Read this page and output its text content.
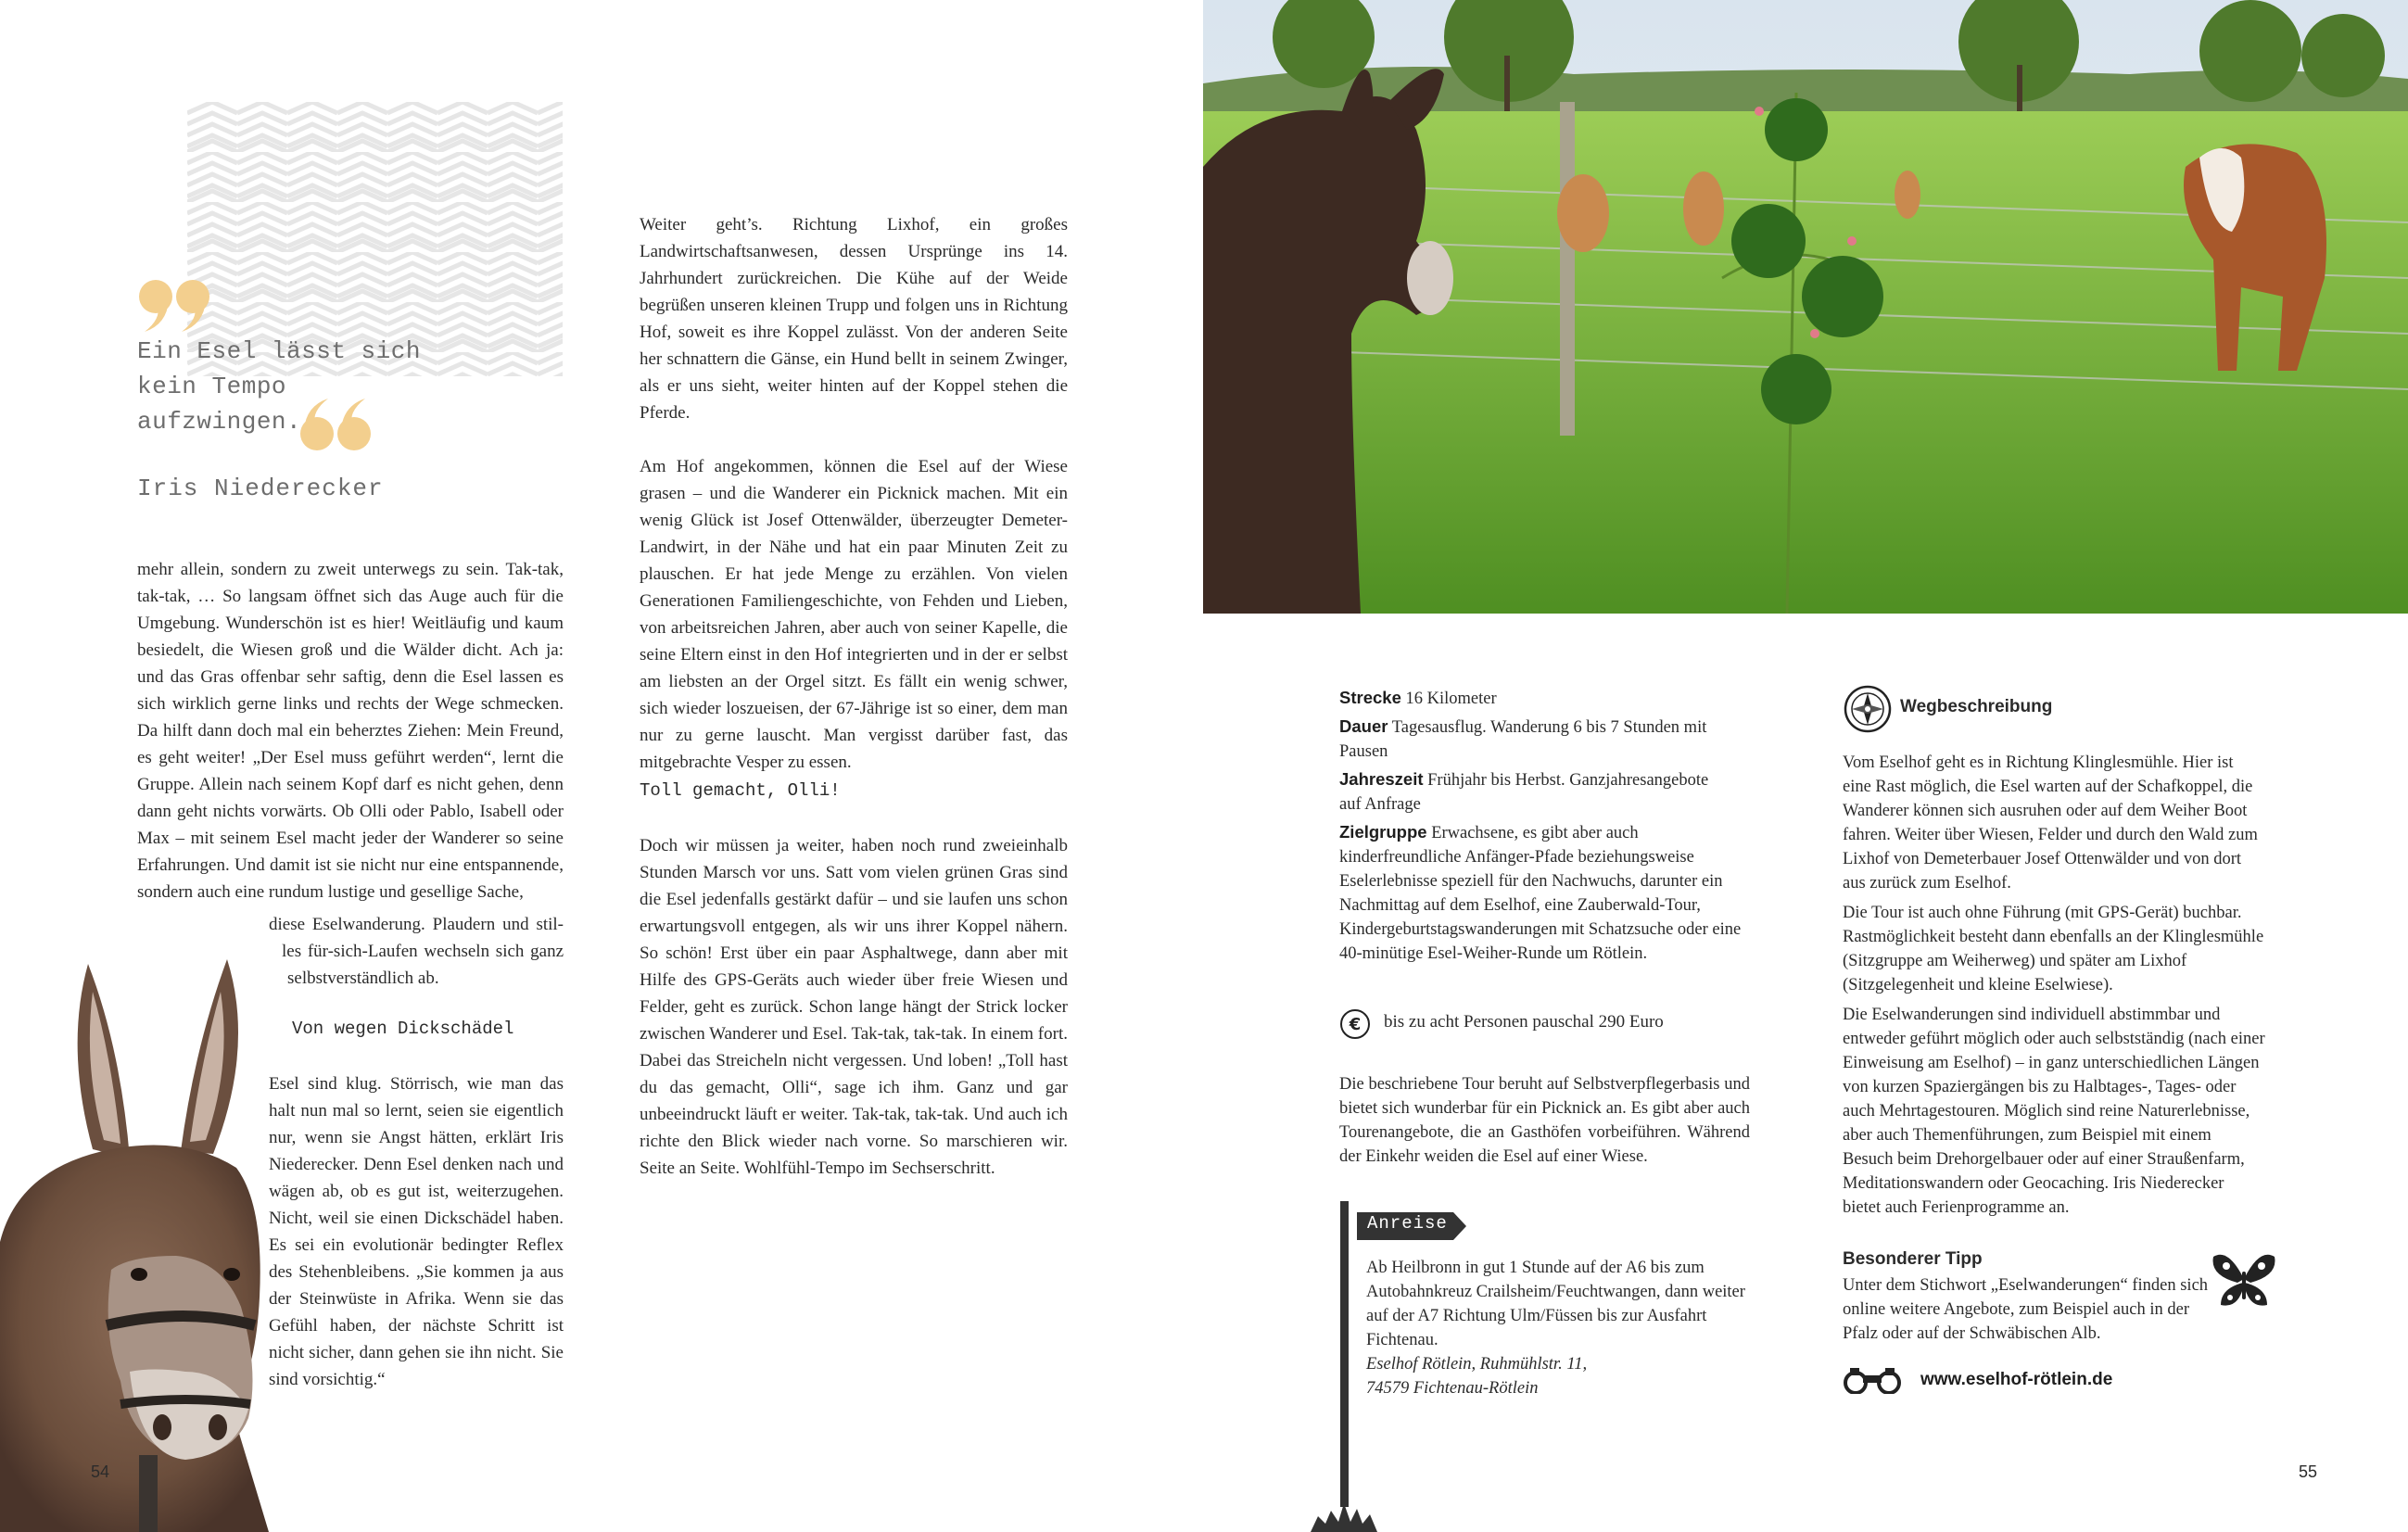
Ein Esel lässt sich
kein Tempo
aufzwingen.
Iris Niederecker

mehr allein, sondern zu zweit unterwegs zu sein. Tak-tak, tak-tak, … So langsam öffnet sich das Auge auch für die Umgebung. Wunderschön ist es hier! Weitläufig und kaum besiedelt, die Wiesen groß und die Wälder dicht. Ach ja: und das Gras offenbar sehr saftig, denn die Esel lassen es sich wirklich gerne links und rechts der Wege schmecken. Da hilft dann doch mal ein beherztes Ziehen: Mein Freund, es geht weiter! „Der Esel muss geführt werden“, lernt die Gruppe. Allein nach seinem Kopf darf es nicht gehen, denn dann geht nichts vorwärts. Ob Olli oder Pablo, Isabell oder Max – mit seinem Esel macht jeder der Wanderer so seine Erfahrungen. Und damit ist sie nicht nur eine entspannende, sondern auch eine rundum lustige und gesellige Sache,

diese Eselwanderung. Plaudern und stil-
les für-sich-Laufen wechseln sich ganz
selbstverständlich ab.
Von wegen Dickschädel

Esel sind klug. Störrisch, wie man das halt nun mal so lernt, seien sie eigentlich nur, wenn sie Angst hätten, erklärt Iris Niederecker. Denn Esel denken nach und wägen ab, ob es gut ist, weiterzugehen. Nicht, weil sie einen Dickschädel haben. Es sei ein evolutionär bedingter Reflex des Stehenbleibens. „Sie kommen ja aus der Steinwüste in Afrika. Wenn sie das Gefühl haben, der nächste Schritt ist nicht sicher, dann gehen sie ihn nicht. Sie sind vorsichtig.“

Weiter geht’s. Richtung Lixhof, ein großes Landwirtschaftsanwesen, dessen Ursprünge ins 14. Jahrhundert zurückreichen. Die Kühe auf der Weide begrüßen unseren kleinen Trupp und folgen uns in Richtung Hof, soweit es ihre Koppel zulässt. Von der anderen Seite her schnattern die Gänse, ein Hund bellt in seinem Zwinger, als er uns sieht, weiter hinten auf der Koppel stehen die Pferde.

Am Hof angekommen, können die Esel auf der Wiese grasen – und die Wanderer ein Picknick machen. Mit ein wenig Glück ist Josef Ottenwälder, überzeugter Demeter-Landwirt, in der Nähe und hat ein paar Minuten Zeit zu plauschen. Er hat jede Menge zu erzählen. Von vielen Generationen Familiengeschichte, von Fehden und Lieben, von arbeitsreichen Jahren, aber auch von seiner Kapelle, die seine Eltern einst in den Hof integrierten und in der er selbst am liebsten an der Orgel sitzt. Es fällt ein wenig schwer, sich wieder loszueisen, der 67-Jährige ist so einer, dem man nur zu gerne lauscht. Man vergisst darüber fast, das mitgebrachte Vesper zu essen.

Toll gemacht, Olli!

Doch wir müssen ja weiter, haben noch rund zweieinhalb Stunden Marsch vor uns. Satt vom vielen grünen Gras sind die Esel jedenfalls gestärkt dafür – und sie laufen uns schon erwartungsvoll entgegen, als wir uns ihrer Koppel nähern. So schön! Erst über ein paar Asphaltwege, dann aber mit Hilfe des GPS-Geräts auch wieder über freie Wiesen und Felder, geht es zurück. Schon lange hängt der Strick locker zwischen Wanderer und Esel. Tak-tak, tak-tak. In einem fort. Dabei das Streicheln nicht vergessen. Und loben! „Toll hast du das gemacht, Olli“, sage ich ihm. Ganz und gar unbeeindruckt läuft er weiter. Tak-tak, tak-tak. Und auch ich richte den Blick wieder nach vorne. So marschieren wir. Seite an Seite. Wohlfühl-Tempo im Sechserschritt.

Strecke 16 Kilometer
Dauer Tagesausflug. Wanderung 6 bis 7 Stunden mit Pausen
Jahreszeit Frühjahr bis Herbst. Ganzjahresangebote auf Anfrage
Zielgruppe Erwachsene, es gibt aber auch kinderfreundliche Anfänger-Pfade beziehungsweise Eselerlebnisse speziell für den Nachwuchs, darunter ein Nachmittag auf dem Eselhof, eine Zauberwald-Tour, Kindergeburtstagswanderungen mit Schatzsuche oder eine 40-minütige Esel-Weiher-Runde um Rötlein.
€ bis zu acht Personen pauschal 290 Euro
Die beschriebene Tour beruht auf Selbstverpflegerbasis und bietet sich wunderbar für ein Picknick an. Es gibt aber auch Tourenangebote, die an Gasthöfen vorbeiführen. Während der Einkehr weiden die Esel auf einer Wiese.
Anreise
Ab Heilbronn in gut 1 Stunde auf der A6 bis zum Autobahnkreuz Crailsheim/Feuchtwangen, dann weiter auf der A7 Richtung Ulm/Füssen bis zur Ausfahrt Fichtenau.
Eselhof Rötlein, Ruhmühlstr. 11,
74579 Fichtenau-Rötlein
Wegbeschreibung

Vom Eselhof geht es in Richtung Klinglesmühle. Hier ist eine Rast möglich, die Esel warten auf der Schafkoppel, die Wanderer können sich ausruhen oder auf dem Weiher Boot fahren. Weiter über Wiesen, Felder und durch den Wald zum Lixhof von Demeterbauer Josef Ottenwälder und von dort aus zurück zum Eselhof.

Die Tour ist auch ohne Führung (mit GPS-Gerät) buchbar. Rastmöglichkeit besteht dann ebenfalls an der Klinglesmühle (Sitzgruppe am Weiherweg) und später am Lixhof (Sitzgelegenheit und kleine Eselwiese).

Die Eselwanderungen sind individuell abstimmbar und entweder geführt möglich oder auch selbstständig (nach einer Einweisung am Eselhof) – in ganz unterschiedlichen Längen von kurzen Spaziergängen bis zu Halbtages-, Tages- oder auch Mehrtagestouren. Möglich sind reine Naturerlebnisse, aber auch Themenführungen, zum Beispiel mit einem Besuch beim Drehorgelbauer oder auf einer Straußenfarm, Meditationswandern oder Geocaching. Iris Niederecker bietet auch Ferienprogramme an.

Besonderer Tipp
Unter dem Stichwort „Eselwanderungen“ finden sich online weitere Angebote, zum Beispiel auch in der Pfalz oder auf der Schwäbischen Alb.
www.eselhof-rötlein.de
54	55
